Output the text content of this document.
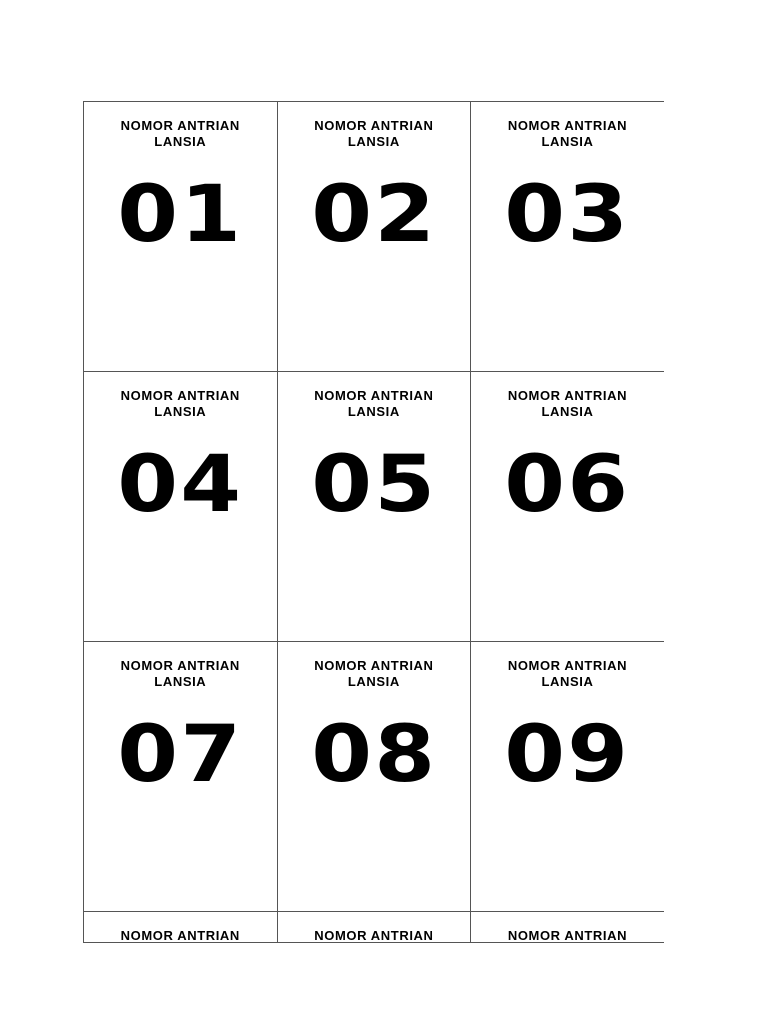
NOMOR ANTRIAN
LANSIA

01

NOMOR ANTRIAN
LANSIA

02

NOMOR ANTRIAN
LANSIA

03

NOMOR ANTRIAN
LANSIA

04

NOMOR ANTRIAN
LANSIA

05

NOMOR ANTRIAN
LANSIA

06

NOMOR ANTRIAN
LANSIA

07

NOMOR ANTRIAN
LANSIA

08

NOMOR ANTRIAN
LANSIA

09

NOMOR ANTRIAN	NOMOR ANTRIAN	NOMOR ANTRIAN
